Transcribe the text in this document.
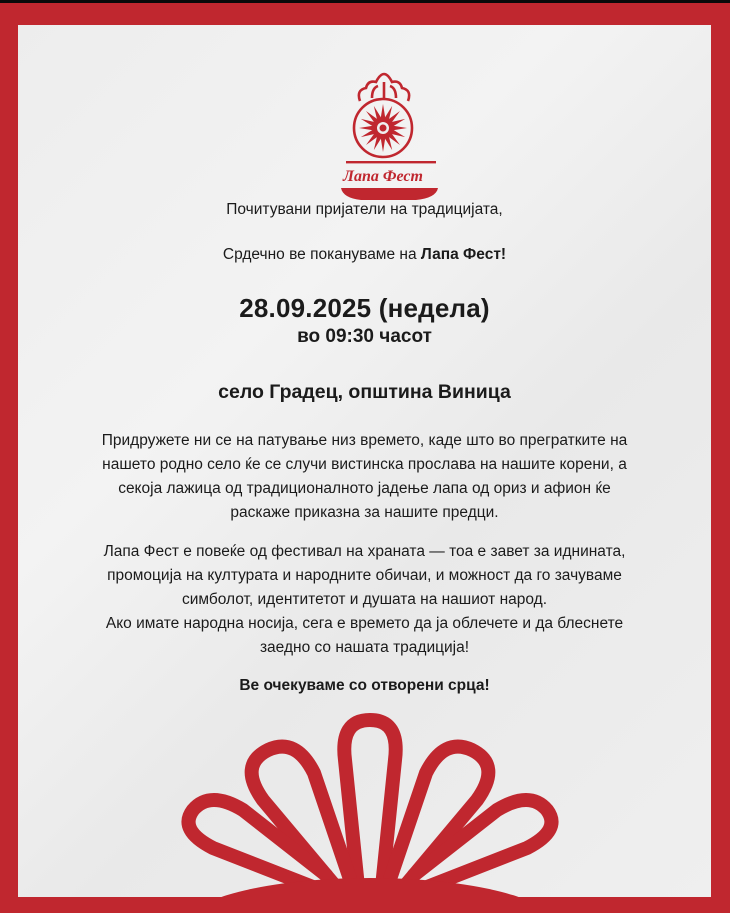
Лапа Фест
Почитувани пријатели на традицијата,
Срдечно ве покануваме на Лапа Фест!
28.09.2025 (недела)
во 09:30 часот
село Градец, општина Виница
Придружете ни се на патување низ времето, каде што во прегратките на
нашето родно село ќе се случи вистинска прослава на нашите корени, а
секоја лажица од традиционалното јадење лапа од ориз и афион ќе
раскаже приказна за нашите предци.
Лапа Фест е повеќе од фестивал на храната — тоа е завет за иднината,
промоција на културата и народните обичаи, и можност да го зачуваме
симболот, идентитетот и душата на нашиот народ.
Ако имате народна носија, сега е времето да ја облечете и да блеснете
заедно со нашата традиција!
Ве очекуваме со отворени срца!
